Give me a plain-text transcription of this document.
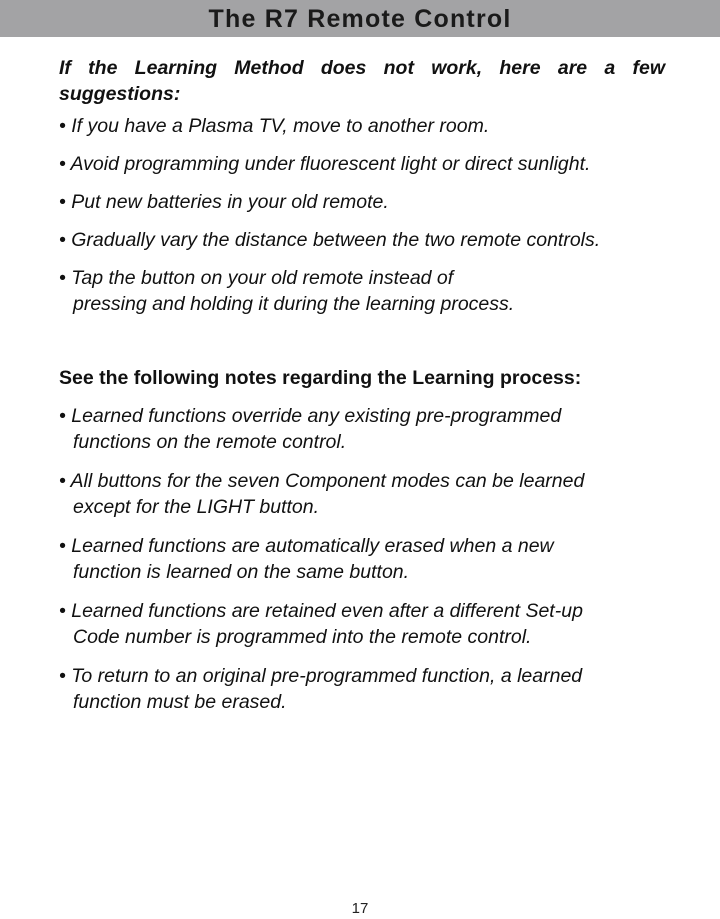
The R7 Remote Control

If the Learning Method does not work, here are a few suggestions:

• If you have a Plasma TV, move to another room.
• Avoid programming under fluorescent light or direct sunlight.
• Put new batteries in your old remote.
• Gradually vary the distance between the two remote controls.
• Tap the button on your old remote instead of
pressing and holding it during the learning process.
See the following notes regarding the Learning process:
• Learned functions override any existing pre-programmed
functions on the remote control.
• All buttons for the seven Component modes can be learned
except for the LIGHT button.
• Learned functions are automatically erased when a new
function is learned on the same button.
• Learned functions are retained even after a different Set-up
Code number is programmed into the remote control.
• To return to an original pre-programmed function, a learned
function must be erased.
17
